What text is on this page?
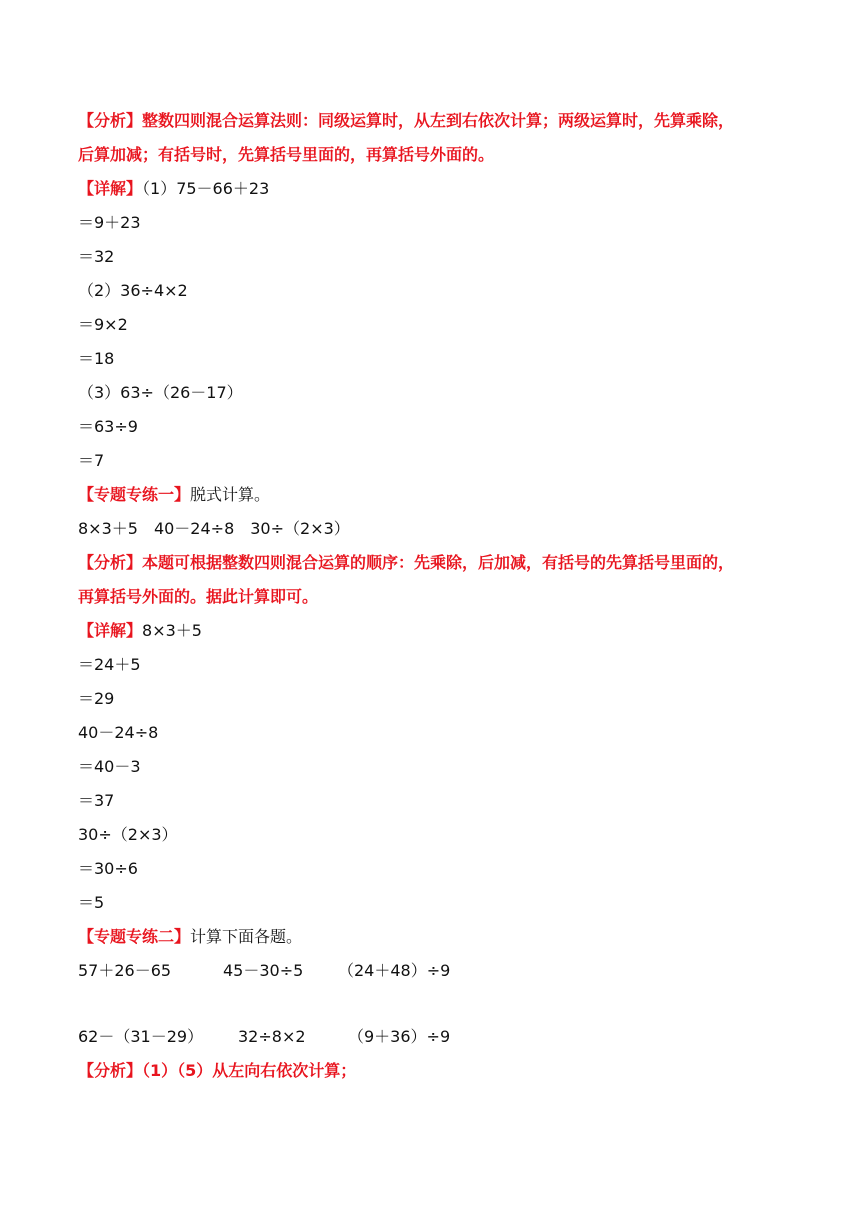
【分析】整数四则混合运算法则：同级运算时，从左到右依次计算；两级运算时，先算乘除，
后算加减；有括号时，先算括号里面的，再算括号外面的。
【详解】（1）75－66＋23
＝9＋23
＝32
（2）36÷4×2
＝9×2
＝18
（3）63÷（26－17）
＝63÷9
＝7
【专题专练一】脱式计算。
8×3＋5　40－24÷8　30÷（2×3）
【分析】本题可根据整数四则混合运算的顺序：先乘除，后加减，有括号的先算括号里面的，
再算括号外面的。据此计算即可。
【详解】8×3＋5
＝24＋5
＝29
40－24÷8
＝40－3
＝37
30÷（2×3）
＝30÷6
＝5
【专题专练二】计算下面各题。
57＋26－65	45－30÷5 （24＋48）÷9
62－（31－29） 32÷8×2	（9＋36）÷9
【分析】（1）（5）从左向右依次计算；
